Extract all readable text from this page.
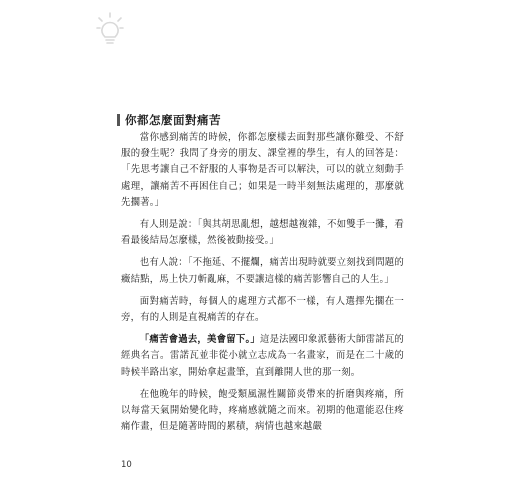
你都怎麼面對痛苦

當你感到痛苦的時候，你都怎麼樣去面對那些讓你難受、不舒服的發生呢？我問了身旁的朋友、課堂裡的學生，有人的回答是：「先思考讓自己不舒服的人事物是否可以解決，可以的就立刻動手處理，讓痛苦不再困住自己；如果是一時半刻無法處理的，那麼就先擱著。」

有人則是說：「與其胡思亂想，越想越複雜，不如雙手一攤，看看最後結局怎麼樣，然後被動接受。」

也有人說：「不拖延、不擺爛，痛苦出現時就要立刻找到問題的癥結點，馬上快刀斬亂麻，不要讓這樣的痛苦影響自己的人生。」

面對痛苦時，每個人的處理方式都不一樣，有人選擇先擱在一旁，有的人則是直視痛苦的存在。

「痛苦會過去，美會留下。」這是法國印象派藝術大師雷諾瓦的經典名言。雷諾瓦並非從小就立志成為一名畫家，而是在二十歲的時候半路出家，開始拿起畫筆，直到離開人世的那一刻。

在他晚年的時候，飽受類風濕性關節炎帶來的折磨與疼痛，所以每當天氣開始變化時，疼痛感就隨之而來。初期的他還能忍住疼痛作畫，但是隨著時間的累積，病情也越來越嚴

10
